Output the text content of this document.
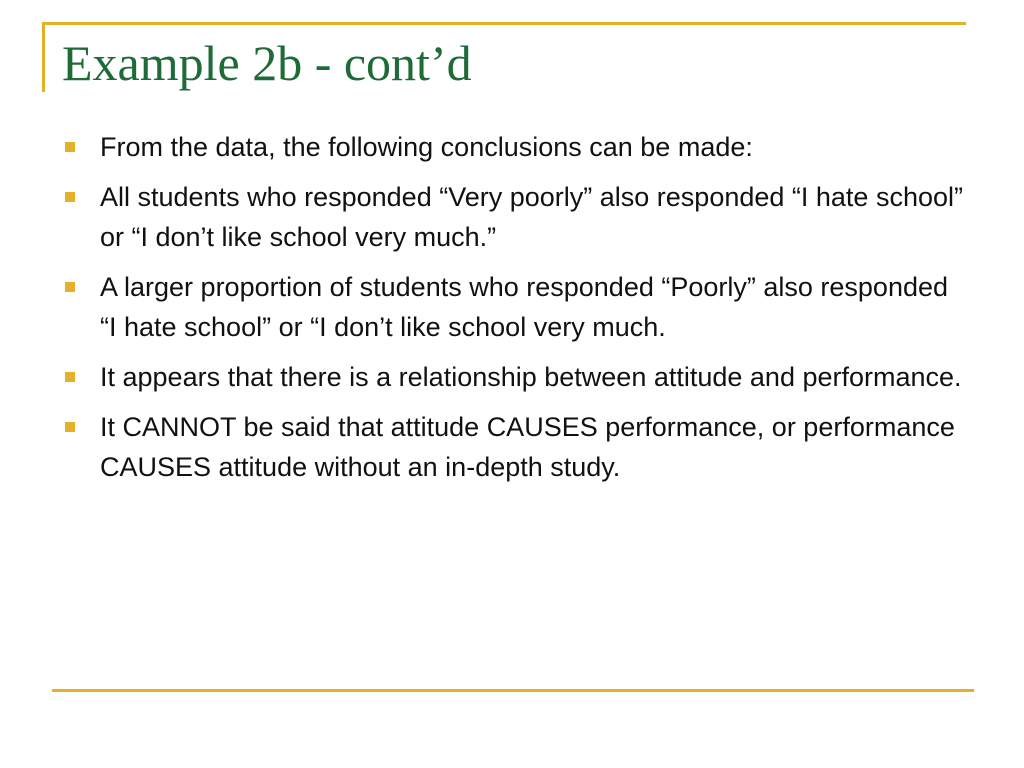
Example 2b - cont’d
From the data, the following conclusions can be made:
All students who responded “Very poorly” also responded “I hate school” or “I don’t like school very much.”
A larger proportion of students who responded “Poorly” also responded “I hate school” or “I don’t like school very much.
It appears that there is a relationship between attitude and performance.
It CANNOT be said that attitude CAUSES performance, or performance CAUSES attitude without an in-depth study.
